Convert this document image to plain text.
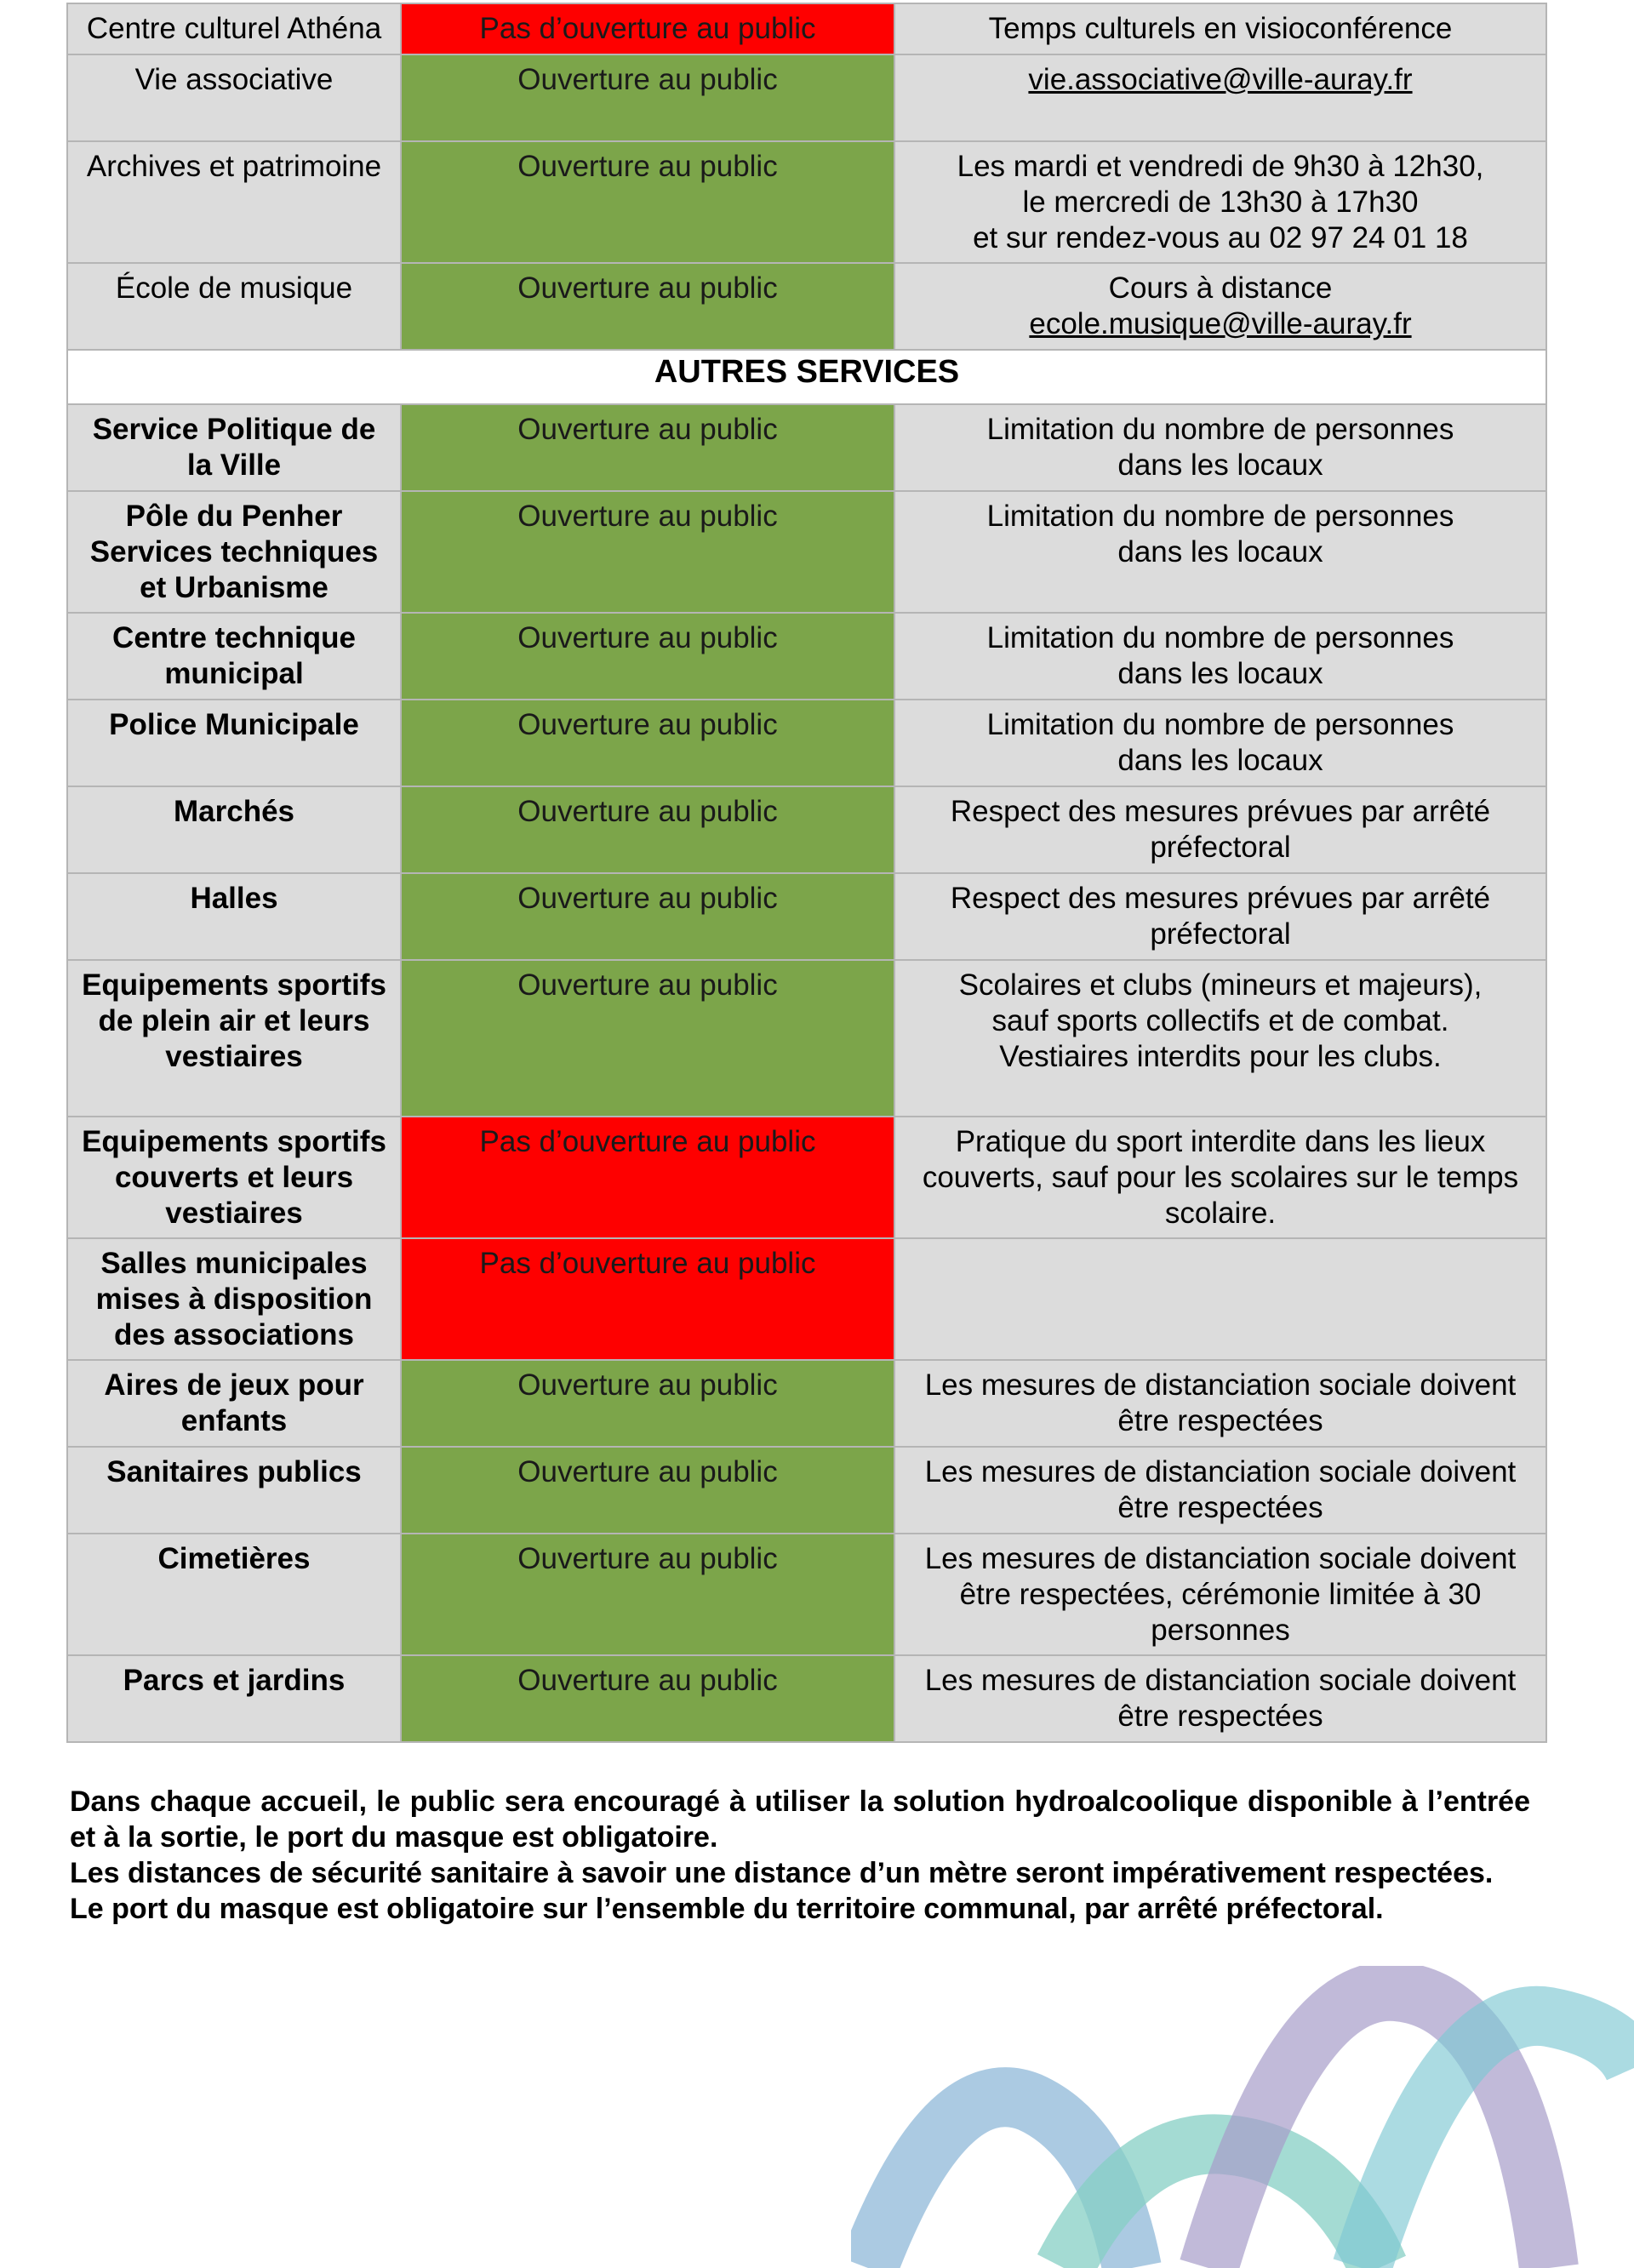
Centre culturel Athéna	Pas d’ouverture au public	Temps culturels en visioconférence

Vie associative	Ouverture au public	vie.associative@ville-auray.fr

Archives et patrimoine	Ouverture au public	Les mardi et vendredi de 9h30 à 12h30,
le mercredi de 13h30 à 17h30
et sur rendez-vous au 02 97 24 01 18

École de musique	Ouverture au public	Cours à distance
ecole.musique@ville-auray.fr

AUTRES SERVICES		
Service Politique de la Ville	Ouverture au public	Limitation du nombre de personnes
dans les locaux

Pôle du Penher Services techniques et Urbanisme	Ouverture au public	Limitation du nombre de personnes
dans les locaux

Centre technique municipal	Ouverture au public	Limitation du nombre de personnes
dans les locaux

Police Municipale	Ouverture au public	Limitation du nombre de personnes
dans les locaux

Marchés	Ouverture au public	Respect des mesures prévues par arrêté
préfectoral

Halles	Ouverture au public	Respect des mesures prévues par arrêté
préfectoral

Equipements sportifs de plein air et leurs vestiaires	Ouverture au public	Scolaires et clubs (mineurs et majeurs),
sauf sports collectifs et de combat.
Vestiaires interdits pour les clubs.

Equipements sportifs couverts et leurs vestiaires	Pas d’ouverture au public	Pratique du sport interdite dans les lieux
couverts, sauf pour les scolaires sur le temps
scolaire.

Salles municipales mises à disposition des associations	Pas d’ouverture au public	
Aires de jeux pour enfants	Ouverture au public	Les mesures de distanciation sociale doivent
être respectées

Sanitaires publics	Ouverture au public	Les mesures de distanciation sociale doivent
être respectées

Cimetières	Ouverture au public	Les mesures de distanciation sociale doivent
être respectées, cérémonie limitée à 30
personnes

Parcs et jardins	Ouverture au public	Les mesures de distanciation sociale doivent
être respectées

Dans chaque accueil, le public sera encouragé à utiliser la solution hydroalcoolique disponible à l’entrée et à la sortie, le port du masque est obligatoire.

Les distances de sécurité sanitaire à savoir une distance d’un mètre seront impérativement respectées.

Le port du masque est obligatoire sur l’ensemble du territoire communal, par arrêté préfectoral.
